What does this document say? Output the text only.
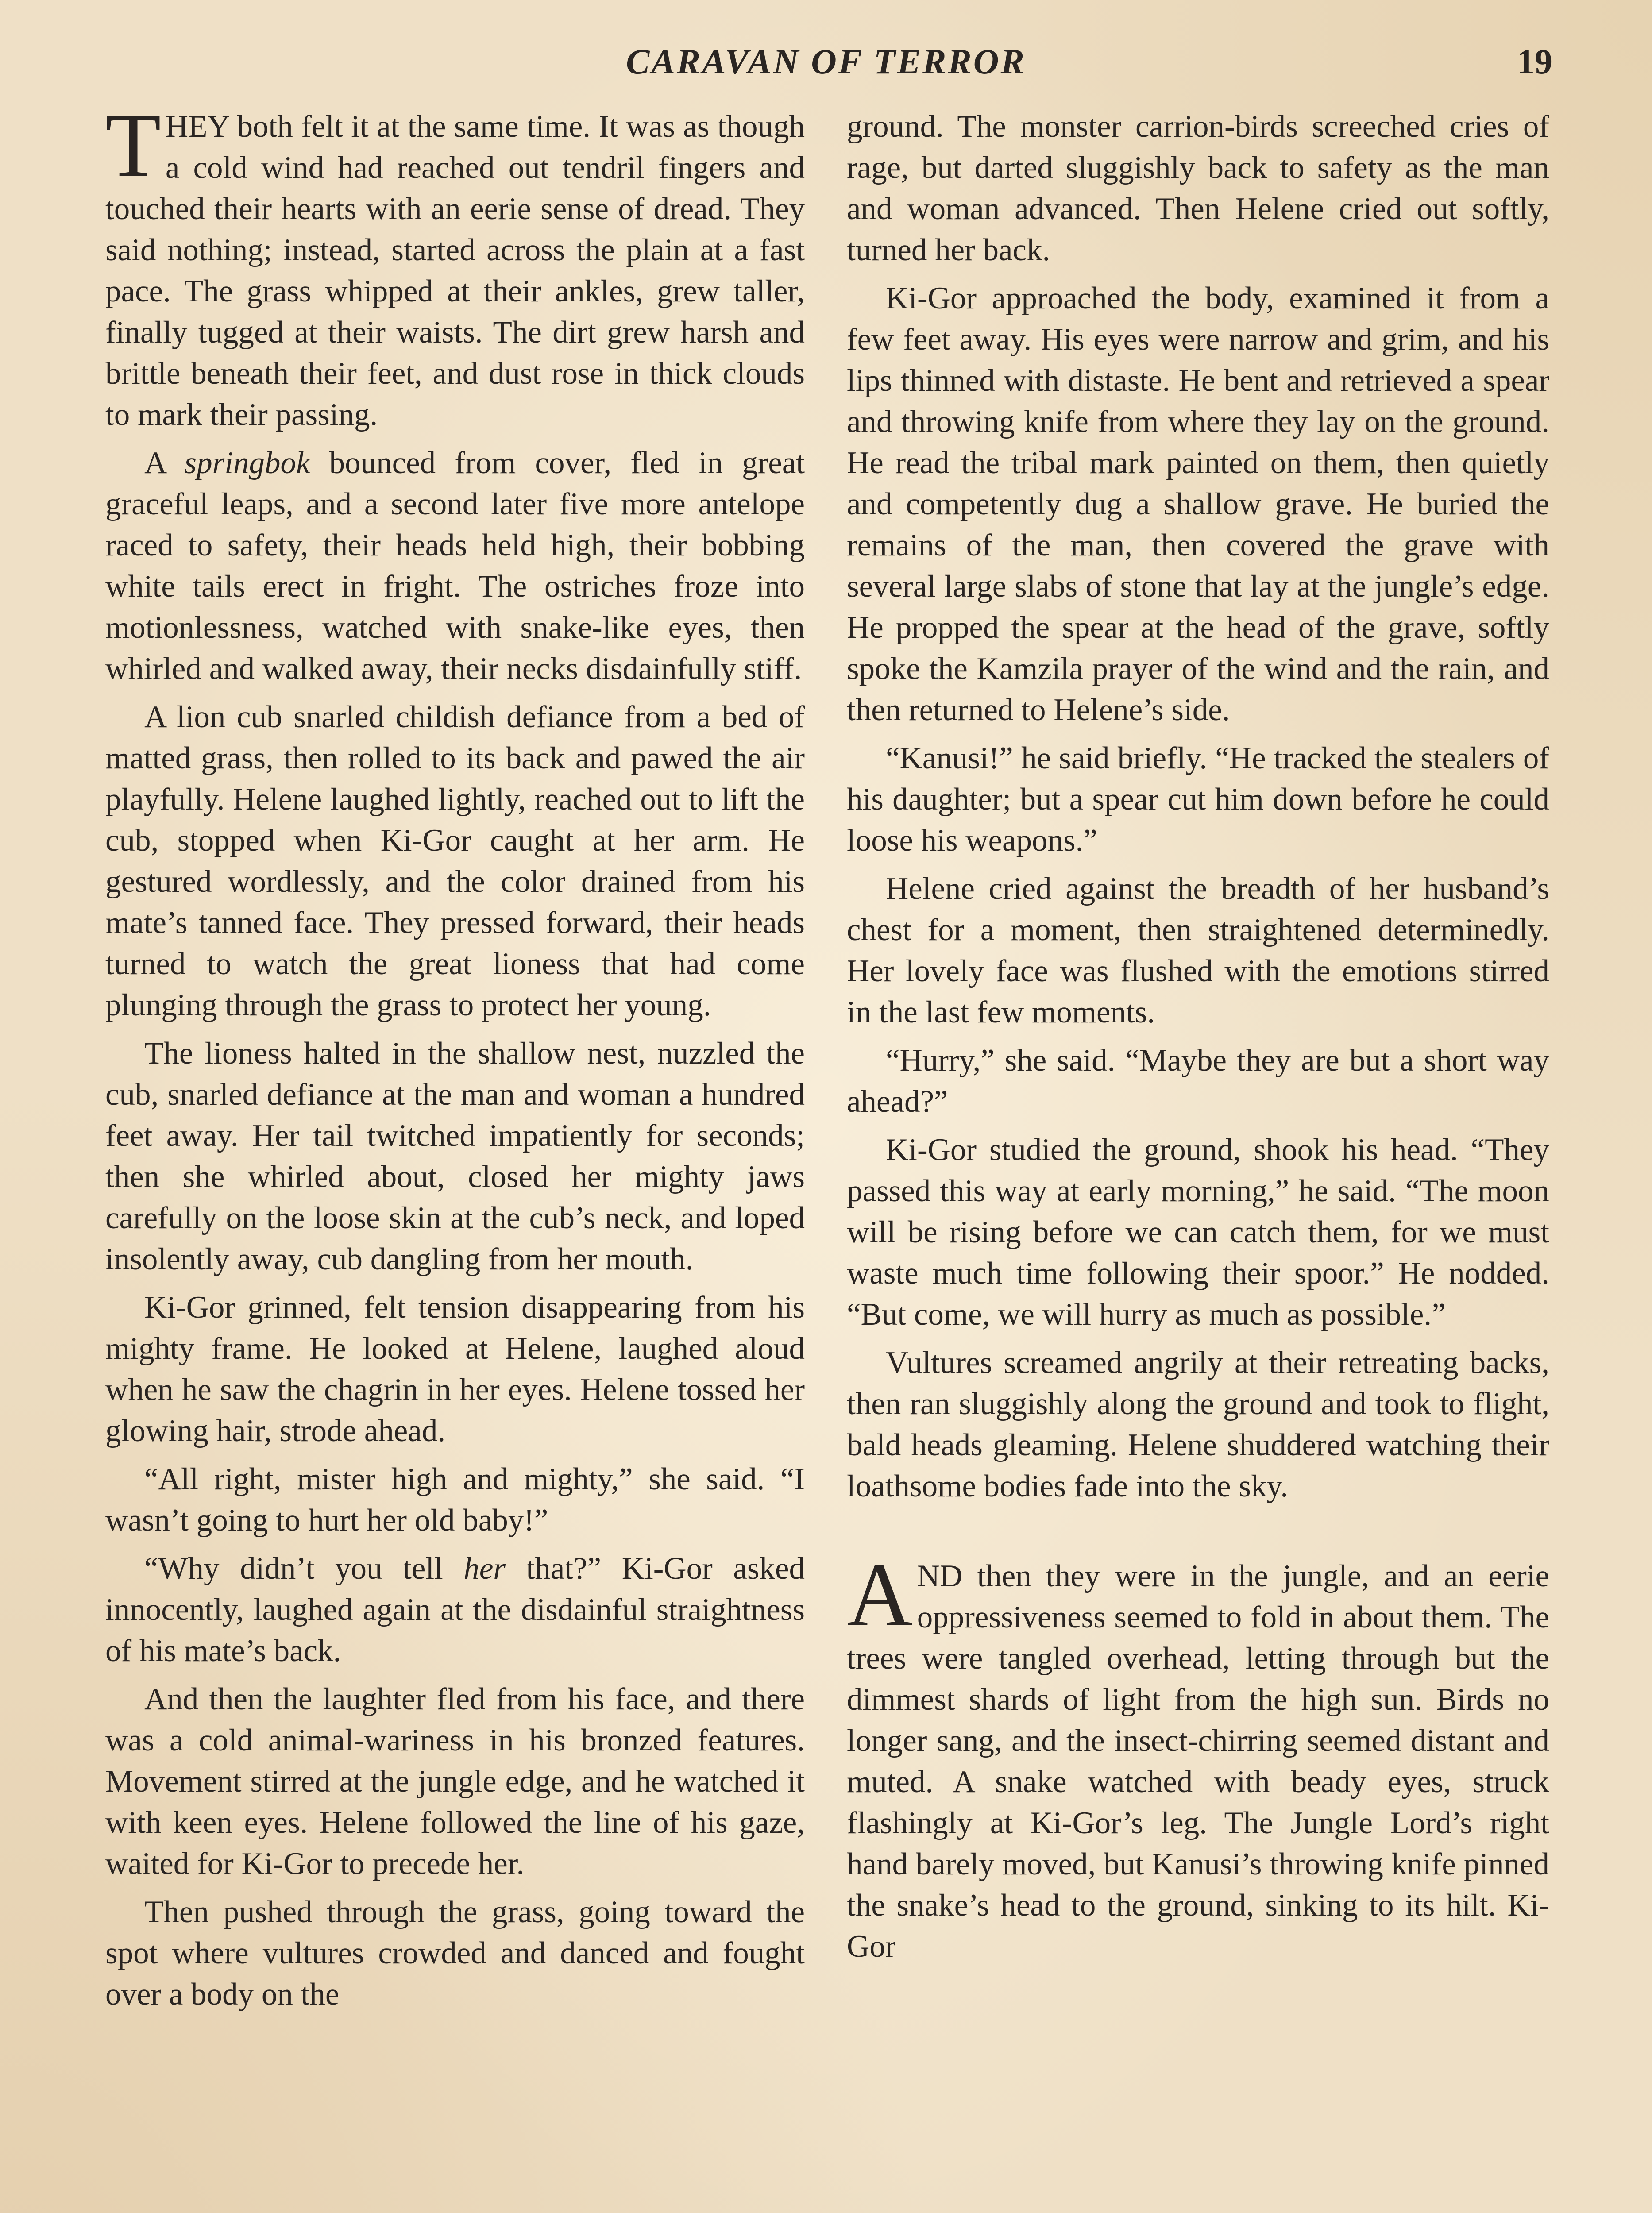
CARAVAN OF TERROR	19

THEY both felt it at the same time. It was as though a cold wind had reached out tendril fingers and touched their hearts with an eerie sense of dread. They said nothing; instead, started across the plain at a fast pace. The grass whipped at their ankles, grew taller, finally tugged at their waists. The dirt grew harsh and brittle beneath their feet, and dust rose in thick clouds to mark their passing.

A springbok bounced from cover, fled in great graceful leaps, and a second later five more antelope raced to safety, their heads held high, their bobbing white tails erect in fright. The ostriches froze into motionlessness, watched with snake-like eyes, then whirled and walked away, their necks disdainfully stiff.

A lion cub snarled childish defiance from a bed of matted grass, then rolled to its back and pawed the air playfully. Helene laughed lightly, reached out to lift the cub, stopped when Ki-Gor caught at her arm. He gestured wordlessly, and the color drained from his mate’s tanned face. They pressed forward, their heads turned to watch the great lioness that had come plunging through the grass to protect her young.

The lioness halted in the shallow nest, nuzzled the cub, snarled defiance at the man and woman a hundred feet away. Her tail twitched impatiently for seconds; then she whirled about, closed her mighty jaws carefully on the loose skin at the cub’s neck, and loped insolently away, cub dangling from her mouth.

Ki-Gor grinned, felt tension disappearing from his mighty frame. He looked at Helene, laughed aloud when he saw the chagrin in her eyes. Helene tossed her glowing hair, strode ahead.

“All right, mister high and mighty,” she said. “I wasn’t going to hurt her old baby!”

“Why didn’t you tell her that?” Ki-Gor asked innocently, laughed again at the disdainful straightness of his mate’s back.

And then the laughter fled from his face, and there was a cold animal-wariness in his bronzed features. Movement stirred at the jungle edge, and he watched it with keen eyes. Helene followed the line of his gaze, waited for Ki-Gor to precede her.

Then pushed through the grass, going toward the spot where vultures crowded and danced and fought over a body on the

ground. The monster carrion-birds screeched cries of rage, but darted sluggishly back to safety as the man and woman advanced. Then Helene cried out softly, turned her back.

Ki-Gor approached the body, examined it from a few feet away. His eyes were narrow and grim, and his lips thinned with distaste. He bent and retrieved a spear and throwing knife from where they lay on the ground. He read the tribal mark painted on them, then quietly and competently dug a shallow grave. He buried the remains of the man, then covered the grave with several large slabs of stone that lay at the jungle’s edge. He propped the spear at the head of the grave, softly spoke the Kamzila prayer of the wind and the rain, and then returned to Helene’s side.

“Kanusi!” he said briefly. “He tracked the stealers of his daughter; but a spear cut him down before he could loose his weapons.”

Helene cried against the breadth of her husband’s chest for a moment, then straightened determinedly. Her lovely face was flushed with the emotions stirred in the last few moments.

“Hurry,” she said. “Maybe they are but a short way ahead?”

Ki-Gor studied the ground, shook his head. “They passed this way at early morning,” he said. “The moon will be rising before we can catch them, for we must waste much time following their spoor.” He nodded. “But come, we will hurry as much as possible.”

Vultures screamed angrily at their retreating backs, then ran sluggishly along the ground and took to flight, bald heads gleaming. Helene shuddered watching their loathsome bodies fade into the sky.

AND then they were in the jungle, and an eerie oppressiveness seemed to fold in about them. The trees were tangled overhead, letting through but the dimmest shards of light from the high sun. Birds no longer sang, and the insect-chirring seemed distant and muted. A snake watched with beady eyes, struck flashingly at Ki-Gor’s leg. The Jungle Lord’s right hand barely moved, but Kanusi’s throwing knife pinned the snake’s head to the ground, sinking to its hilt. Ki-Gor
